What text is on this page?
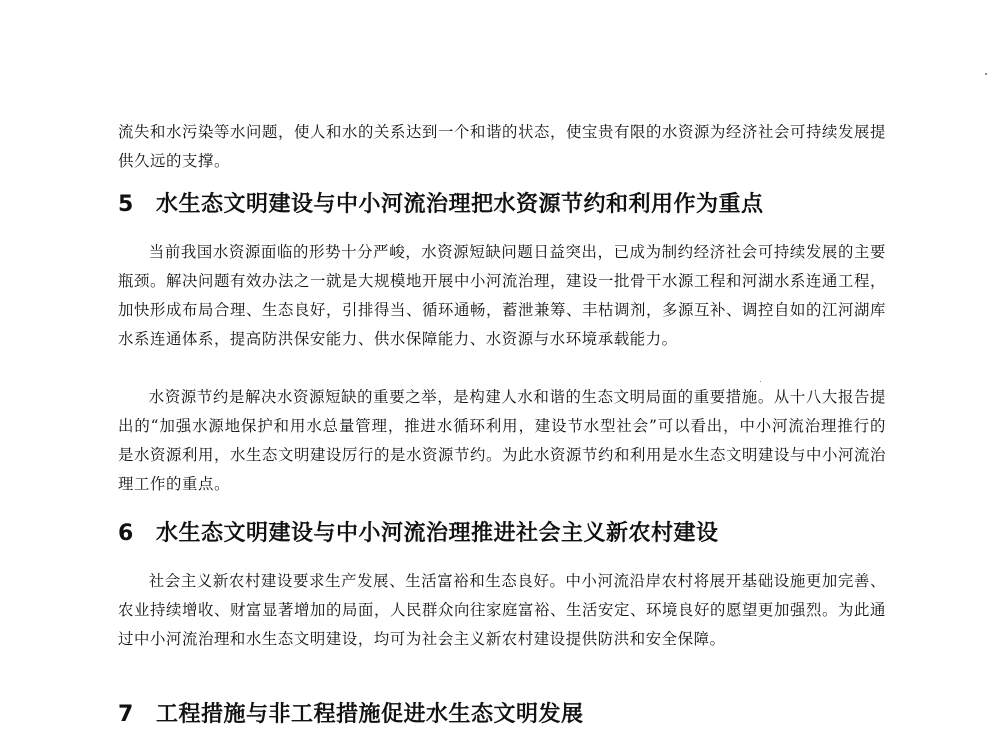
流失和水污染等水问题，使人和水的关系达到一个和谐的状态，使宝贵有限的水资源为经济社会可持续发展提供久远的支撑。

5 水生态文明建设与中小河流治理把水资源节约和利用作为重点

当前我国水资源面临的形势十分严峻，水资源短缺问题日益突出，已成为制约经济社会可持续发展的主要瓶颈。解决问题有效办法之一就是大规模地开展中小河流治理，建设一批骨干水源工程和河湖水系连通工程，加快形成布局合理、生态良好，引排得当、循环通畅，蓄泄兼筹、丰枯调剂，多源互补、调控自如的江河湖库水系连通体系，提高防洪保安能力、供水保障能力、水资源与水环境承载能力。

水资源节约是解决水资源短缺的重要之举，是构建人水和谐的生态文明局面的重要措施。从十八大报告提出的“加强水源地保护和用水总量管理，推进水循环利用，建设节水型社会”可以看出，中小河流治理推行的是水资源利用，水生态文明建设厉行的是水资源节约。为此水资源节约和利用是水生态文明建设与中小河流治理工作的重点。

6 水生态文明建设与中小河流治理推进社会主义新农村建设

社会主义新农村建设要求生产发展、生活富裕和生态良好。中小河流沿岸农村将展开基础设施更加完善、农业持续增收、财富显著增加的局面，人民群众向往家庭富裕、生活安定、环境良好的愿望更加强烈。为此通过中小河流治理和水生态文明建设，均可为社会主义新农村建设提供防洪和安全保障。

7 工程措施与非工程措施促进水生态文明发展
